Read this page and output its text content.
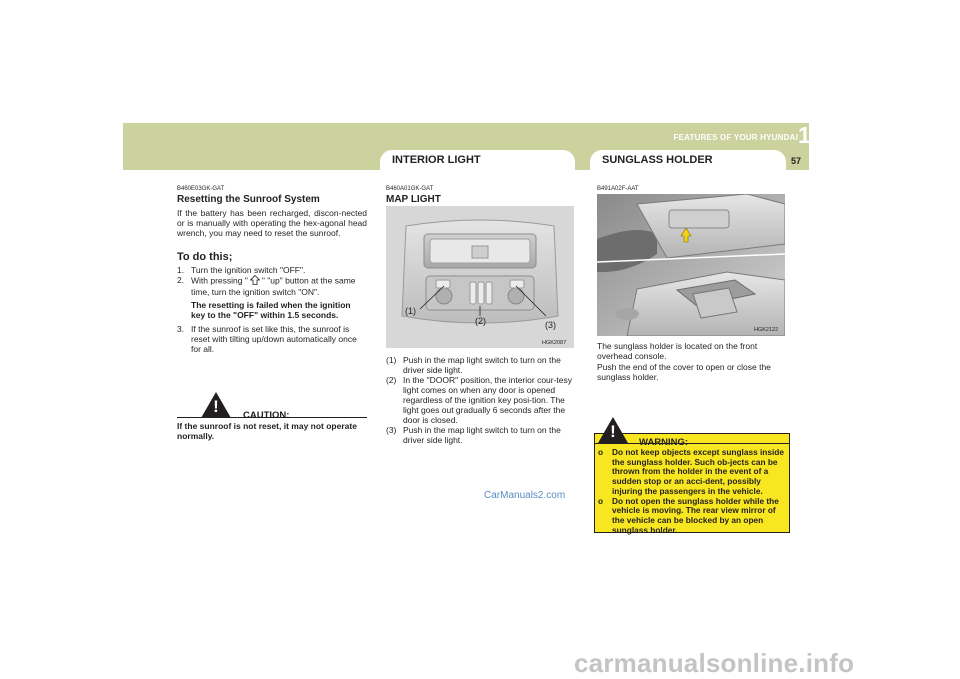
INTERIOR LIGHT	SUNGLASS HOLDER
FEATURES OF YOUR HYUNDAI 1
57
B460E03GK-GAT
Resetting the Sunroof System

If the battery has been recharged, discon-nected or is manually with operating the hex-agonal head wrench, you may need to reset the sunroof.

To do this;
1. Turn the ignition switch "OFF".
2. With pressing " " "up" button at the same time, turn the ignition switch "ON".
The resetting is failed when the ignition key to the "OFF" within 1.5 seconds.
3. If the sunroof is set like this, the sunroof is reset with tilting up/down automatically once for all.
!	CAUTION:
If the sunroof is not reset, it may not operate normally.
B460A01GK-GAT
MAP LIGHT
(1)
(2)	(3)
HGK2087
(1) Push in the map light switch to turn on the driver side light.
(2) In the "DOOR" position, the interior cour-tesy light comes on when any door is opened regardless of the ignition key posi-tion. The light goes out gradually 6 seconds after the door is closed.
(3) Push in the map light switch to turn on the driver side light.
CarManuals2.com
B491A02F-AAT
HGK2122

The sunglass holder is located on the front overhead console.

Push the end of the cover to open or close the sunglass holder.

!
WARNING:
o Do not keep objects except sunglass inside the sunglass holder. Such ob-jects can be thrown from the holder in the event of a sudden stop or an acci-dent, possibly injuring the passengers in the vehicle.
o Do not open the sunglass holder while the vehicle is moving. The rear view mirror of the vehicle can be blocked by an open sunglass holder.
carmanualsonline.info
